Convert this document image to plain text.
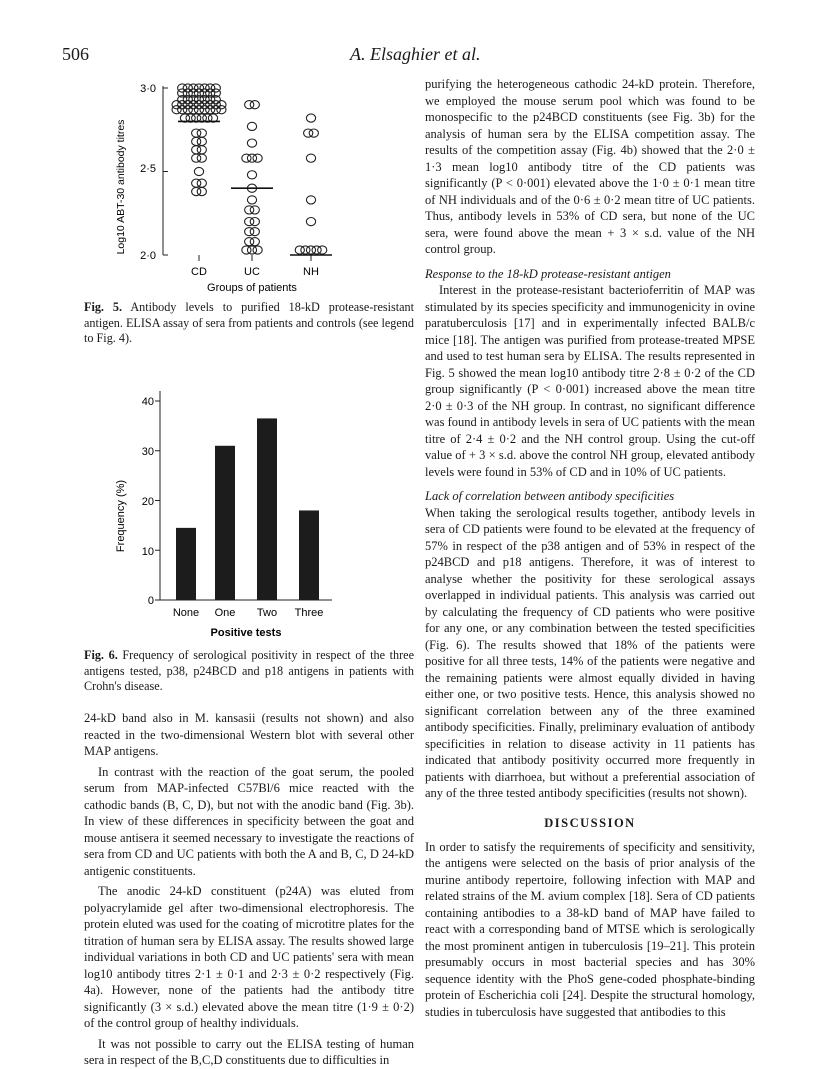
506	A. Elsaghier et al.
Log10 ABT-30 antibody titres
3·0
2·5
2·0
CD	UC	NH
Groups of patients

Fig. 5. Antibody levels to purified 18-kD protease-resistant antigen. ELISA assay of sera from patients and controls (see legend to Fig. 4).

Frequency (%)
40
30
20
10
0
None One Two Three
Positive tests

Fig. 6. Frequency of serological positivity in respect of the three antigens tested, p38, p24BCD and p18 antigens in patients with Crohn's disease.

24-kD band also in M. kansasii (results not shown) and also reacted in the two-dimensional Western blot with several other MAP antigens.

In contrast with the reaction of the goat serum, the pooled serum from MAP-infected C57Bl/6 mice reacted with the cathodic bands (B, C, D), but not with the anodic band (Fig. 3b). In view of these differences in specificity between the goat and mouse antisera it seemed necessary to investigate the reactions of sera from CD and UC patients with both the A and B, C, D 24-kD antigenic constituents.

The anodic 24-kD constituent (p24A) was eluted from polyacrylamide gel after two-dimensional electrophoresis. The protein eluted was used for the coating of microtitre plates for the titration of human sera by ELISA assay. The results showed large individual variations in both CD and UC patients' sera with mean log10 antibody titres 2·1 ± 0·1 and 2·3 ± 0·2 respectively (Fig. 4a). However, none of the patients had the antibody titre significantly (3 × s.d.) elevated above the mean titre (1·9 ± 0·2) of the control group of healthy individuals.

It was not possible to carry out the ELISA testing of human sera in respect of the B,C,D constituents due to difficulties in

purifying the heterogeneous cathodic 24-kD protein. Therefore, we employed the mouse serum pool which was found to be monospecific to the p24BCD constituents (see Fig. 3b) for the analysis of human sera by the ELISA competition assay. The results of the competition assay (Fig. 4b) showed that the 2·0 ± 1·3 mean log10 antibody titre of the CD patients was significantly (P < 0·001) elevated above the 1·0 ± 0·1 mean titre of NH individuals and of the 0·6 ± 0·2 mean titre of UC patients. Thus, antibody levels in 53% of CD sera, but none of the UC sera, were found above the mean + 3 × s.d. value of the NH control group.

Response to the 18-kD protease-resistant antigen

Interest in the protease-resistant bacterioferritin of MAP was stimulated by its species specificity and immunogenicity in ovine paratuberculosis [17] and in experimentally infected BALB/c mice [18]. The antigen was purified from protease-treated MPSE and used to test human sera by ELISA. The results represented in Fig. 5 showed the mean log10 antibody titre 2·8 ± 0·2 of the CD group significantly (P < 0·001) increased above the mean titre 2·0 ± 0·3 of the NH group. In contrast, no significant difference was found in antibody levels in sera of UC patients with the mean titre of 2·4 ± 0·2 and the NH control group. Using the cut-off value of + 3 × s.d. above the control NH group, elevated antibody levels were found in 53% of CD and in 10% of UC patients.

Lack of correlation between antibody specificities

When taking the serological results together, antibody levels in sera of CD patients were found to be elevated at the frequency of 57% in respect of the p38 antigen and of 53% in respect of the p24BCD and p18 antigens. Therefore, it was of interest to analyse whether the positivity for these serological assays overlapped in individual patients. This analysis was carried out by calculating the frequency of CD patients who were positive for any one, or any combination between the tested specificities (Fig. 6). The results showed that 18% of the patients were positive for all three tests, 14% of the patients were negative and the remaining patients were almost equally divided in having either one, or two positive tests. Hence, this analysis showed no significant correlation between any of the three examined antibody specificities. Finally, preliminary evaluation of antibody specificities in relation to disease activity in 11 patients has indicated that antibody positivity occurred more frequently in patients with diarrhoea, but without a preferential association of any of the three tested antibody specificities (results not shown).

DISCUSSION

In order to satisfy the requirements of specificity and sensitivity, the antigens were selected on the basis of prior analysis of the murine antibody repertoire, following infection with MAP and related strains of the M. avium complex [18]. Sera of CD patients containing antibodies to a 38-kD band of MAP have failed to react with a corresponding band of MTSE which is serologically the most prominent antigen in tuberculosis [19–21]. This protein presumably occurs in most bacterial species and has 30% sequence identity with the PhoS gene-coded phosphate-binding protein of Escherichia coli [24]. Despite the structural homology, studies in tuberculosis have suggested that antibodies to this
